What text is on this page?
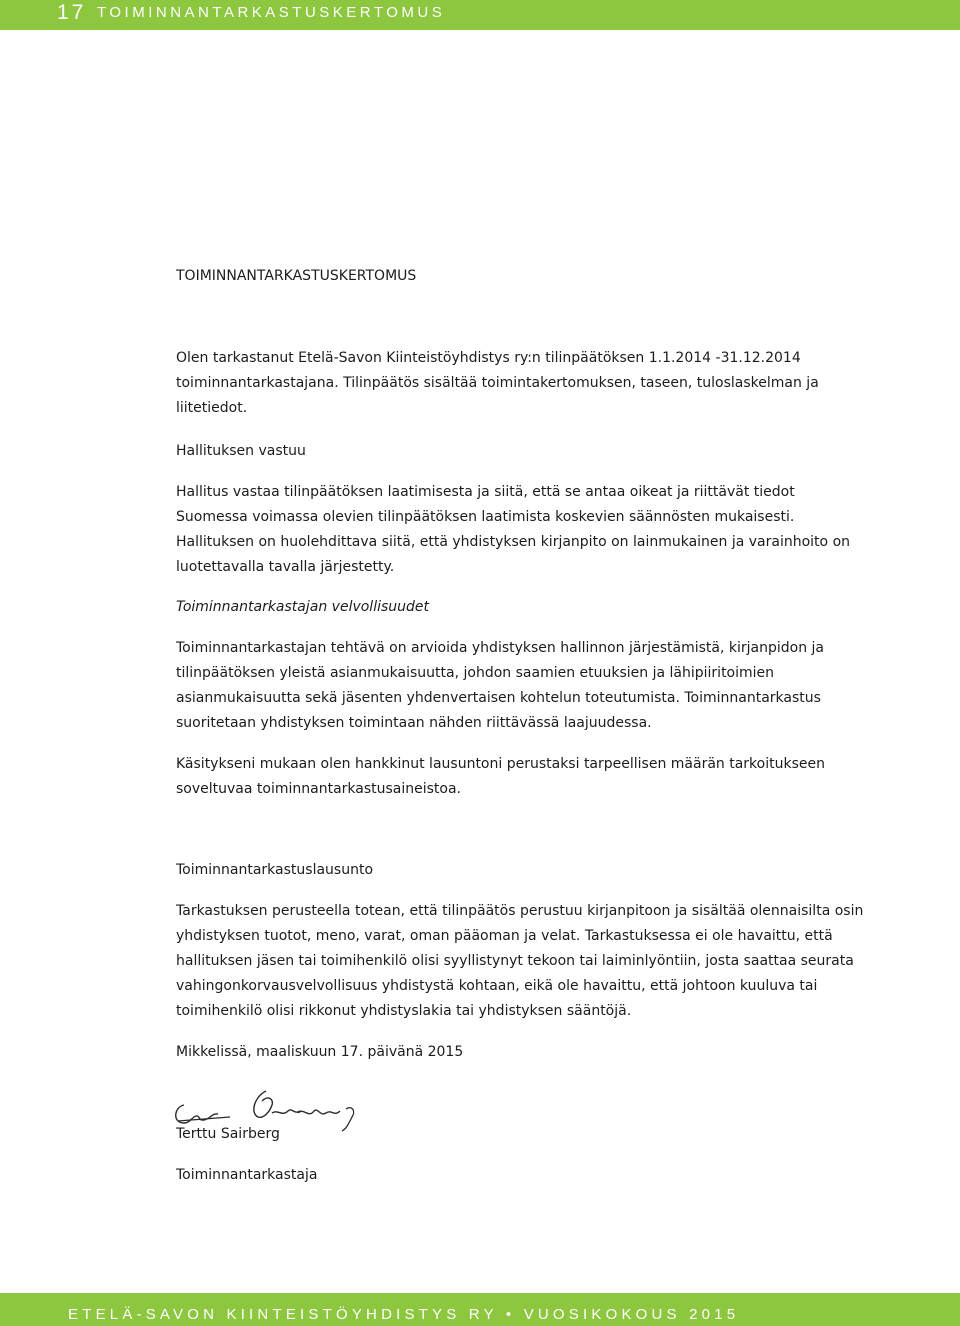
17 TOIMINNANTARKASTUSKERTOMUS

TOIMINNANTARKASTUSKERTOMUS

Olen tarkastanut Etelä-Savon Kiinteistöyhdistys ry:n tilinpäätöksen 1.1.2014 -31.12.2014 toiminnantarkastajana. Tilinpäätös sisältää toimintakertomuksen, taseen, tuloslaskelman ja liitetiedot.

Hallituksen vastuu

Hallitus vastaa tilinpäätöksen laatimisesta ja siitä, että se antaa oikeat ja riittävät tiedot Suomessa voimassa olevien tilinpäätöksen laatimista koskevien säännösten mukaisesti. Hallituksen on huolehdittava siitä, että yhdistyksen kirjanpito on lainmukainen ja varainhoito on luotettavalla tavalla järjestetty.

Toiminnantarkastajan velvollisuudet

Toiminnantarkastajan tehtävä on arvioida yhdistyksen hallinnon järjestämistä, kirjanpidon ja tilinpäätöksen yleistä asianmukaisuutta, johdon saamien etuuksien ja lähipiiritoimien asianmukaisuutta sekä jäsenten yhdenvertaisen kohtelun toteutumista. Toiminnantarkastus suoritetaan yhdistyksen toimintaan nähden riittävässä laajuudessa.

Käsitykseni mukaan olen hankkinut lausuntoni perustaksi tarpeellisen määrän tarkoitukseen soveltuvaa toiminnantarkastusaineistoa.

Toiminnantarkastuslausunto

Tarkastuksen perusteella totean, että tilinpäätös perustuu kirjanpitoon ja sisältää olennaisilta osin yhdistyksen tuotot, meno, varat, oman pääoman ja velat. Tarkastuksessa ei ole havaittu, että hallituksen jäsen tai toimihenkilö olisi syyllistynyt tekoon tai laiminlyöntiin, josta saattaa seurata vahingonkorvausvelvollisuus yhdistystä kohtaan, eikä ole havaittu, että johtoon kuuluva tai toimihenkilö olisi rikkonut yhdistyslakia tai yhdistyksen sääntöjä.

Mikkelissä, maaliskuun 17. päivänä 2015

Terttu Sairberg

Toiminnantarkastaja

ETELÄ-SAVON KIINTEISTÖYHDISTYS RY • VUOSIKOKOUS 2015
